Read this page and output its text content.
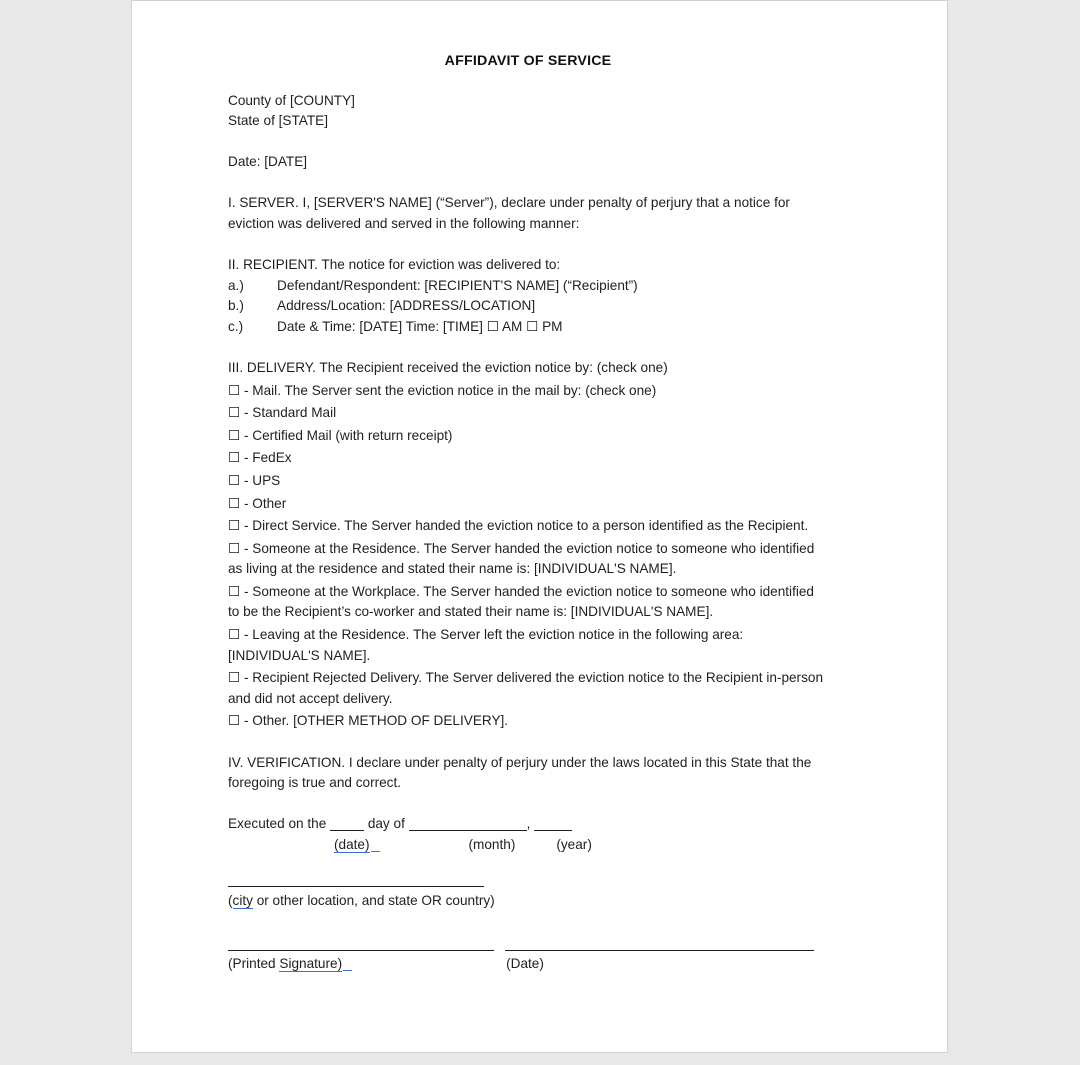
AFFIDAVIT OF SERVICE

County of [COUNTY]

State of [STATE]

Date: [DATE]

I. SERVER. I, [SERVER'S NAME] (“Server”), declare under penalty of perjury that a notice for eviction was delivered and served in the following manner:

II. RECIPIENT. The notice for eviction was delivered to:

a.) Defendant/Respondent: [RECIPIENT'S NAME] (“Recipient”)

b.) Address/Location: [ADDRESS/LOCATION]

c.) Date & Time: [DATE] Time: [TIME] ☐ AM ☐ PM

III. DELIVERY. The Recipient received the eviction notice by: (check one)

☐ - Mail. The Server sent the eviction notice in the mail by: (check one)

☐ - Standard Mail

☐ - Certified Mail (with return receipt)

☐ - FedEx

☐ - UPS

☐ - Other

☐ - Direct Service. The Server handed the eviction notice to a person identified as the Recipient.

☐ - Someone at the Residence. The Server handed the eviction notice to someone who identified as living at the residence and stated their name is: [INDIVIDUAL'S NAME].

☐ - Someone at the Workplace. The Server handed the eviction notice to someone who identified to be the Recipient’s co-worker and stated their name is: [INDIVIDUAL'S NAME].

☐ - Leaving at the Residence. The Server left the eviction notice in the following area: [INDIVIDUAL'S NAME].

☐ - Recipient Rejected Delivery. The Server delivered the eviction notice to the Recipient in-person and did not accept delivery.

☐ - Other. [OTHER METHOD OF DELIVERY].

IV. VERIFICATION. I declare under penalty of perjury under the laws located in this State that the foregoing is true and correct.

Executed on the	day of	,

(date)	(month)	(year)

(city or other location, and state OR country)

(Printed Signature)	(Date)
